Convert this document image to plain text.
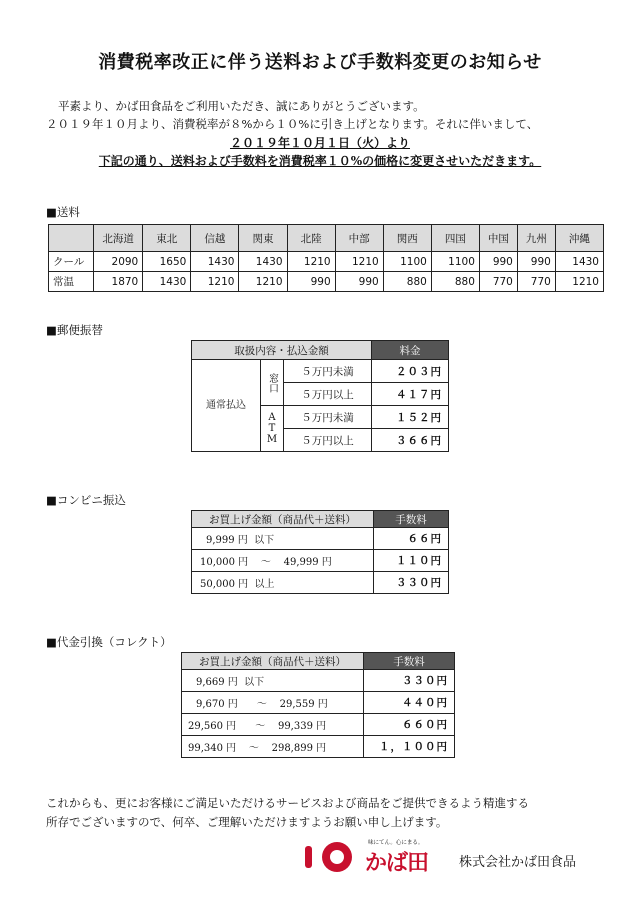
消費税率改正に伴う送料および手数料変更のお知らせ
平素より、かば田食品をご利用いただき、誠にありがとうございます。
２０１９年１０月より、消費税率が８%から１０%に引き上げとなります。それに伴いまして、
２０１９年１０月１日（火）より
下記の通り、送料および手数料を消費税率１０%の価格に変更させいただきます。
■送料
	北海道	東北	信越	関東	北陸	中部	関西	四国	中国	九州	沖縄
クール	2090	1650	1430	1430	1210	1210	1100	1100	990	990	1430
常温	1870	1430	1210	1210	990	990	880	880	770	770	1210
■郵便振替
取扱内容・払込金額			料金
通常払込	窓口	５万円未満	２０３円
		５万円以上	４１７円
	ATM	５万円未満	１５２円
		５万円以上	３６６円
■コンビニ振込
お買上げ金額（商品代＋送料）	手数料
9,999 円  以下	６６円
10,000 円    ～    49,999 円	１１０円
50,000 円  以上	３３０円
■代金引換（コレクト）
お買上げ金額（商品代＋送料）	手数料
9,669 円  以下	３３０円
9,670 円      ～    29,559 円	４４０円
29,560 円      ～    99,339 円	６６０円
99,340 円    ～    298,899 円	１，１００円
これからも、更にお客様にご満足いただけるサービスおよび商品をご提供できるよう精進する
所存でございますので、何卒、ご理解いただけますようお願い申し上げます。
味にてん。心にまる。
かば田 株式会社かば田食品
